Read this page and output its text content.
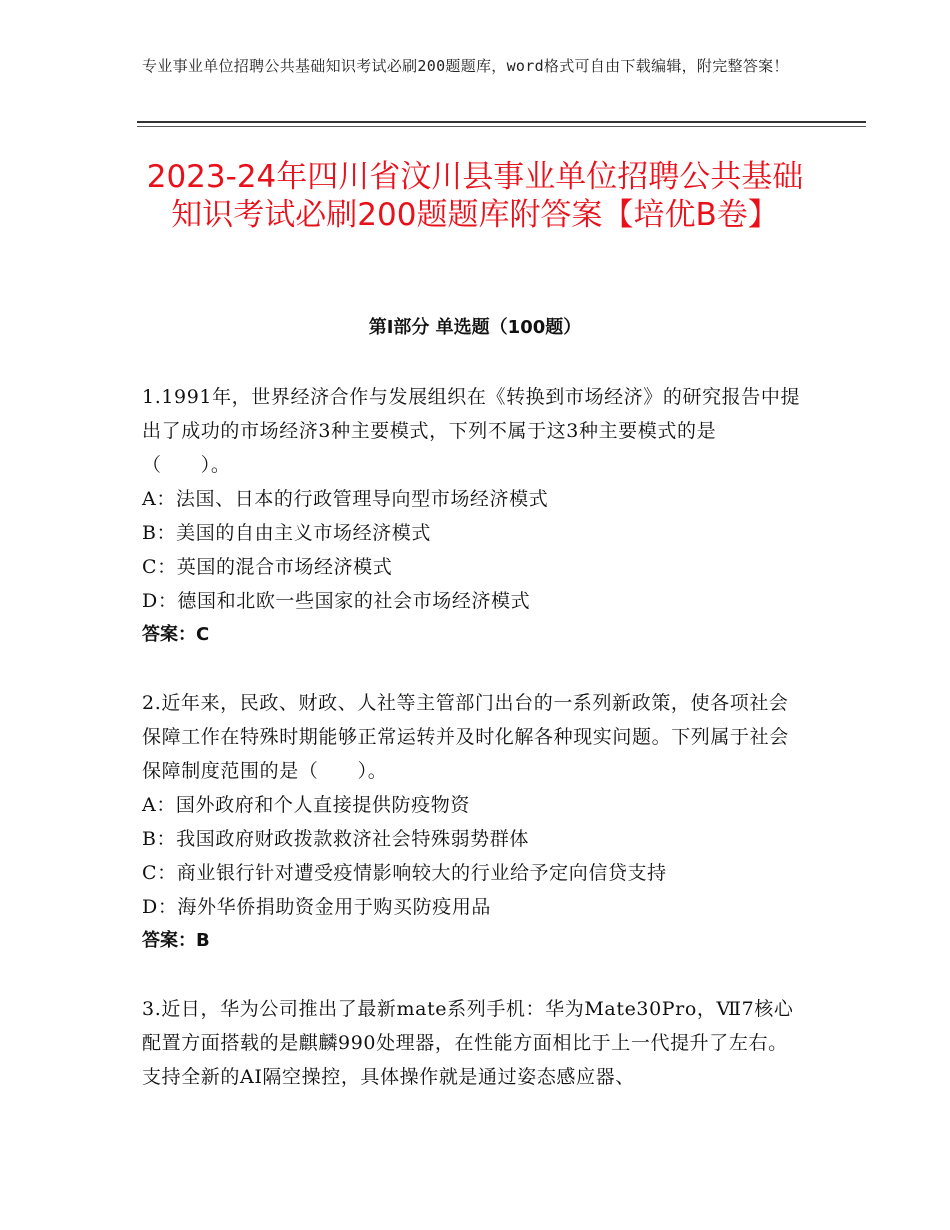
专业事业单位招聘公共基础知识考试必刷200题题库，word格式可自由下载编辑，附完整答案！
2023-24年四川省汶川县事业单位招聘公共基础知识考试必刷200题题库附答案【培优B卷】
第Ⅰ部分 单选题（100题）

1.1991年，世界经济合作与发展组织在《转换到市场经济》的研究报告中提出了成功的市场经济3种主要模式，下列不属于这3种主要模式的是（　　）。

A：法国、日本的行政管理导向型市场经济模式

B：美国的自由主义市场经济模式

C：英国的混合市场经济模式

D：德国和北欧一些国家的社会市场经济模式

答案：C

2.近年来，民政、财政、人社等主管部门出台的一系列新政策，使各项社会保障工作在特殊时期能够正常运转并及时化解各种现实问题。下列属于社会保障制度范围的是（　　）。

A：国外政府和个人直接提供防疫物资

B：我国政府财政拨款救济社会特殊弱势群体

C：商业银行针对遭受疫情影响较大的行业给予定向信贷支持

D：海外华侨捐助资金用于购买防疫用品

答案：B

3.近日，华为公司推出了最新mate系列手机：华为Mate30Pro，Ⅶ7核心配置方面搭载的是麒麟990处理器，在性能方面相比于上一代提升了左右。支持全新的AI隔空操控，具体操作就是通过姿态感应器、
